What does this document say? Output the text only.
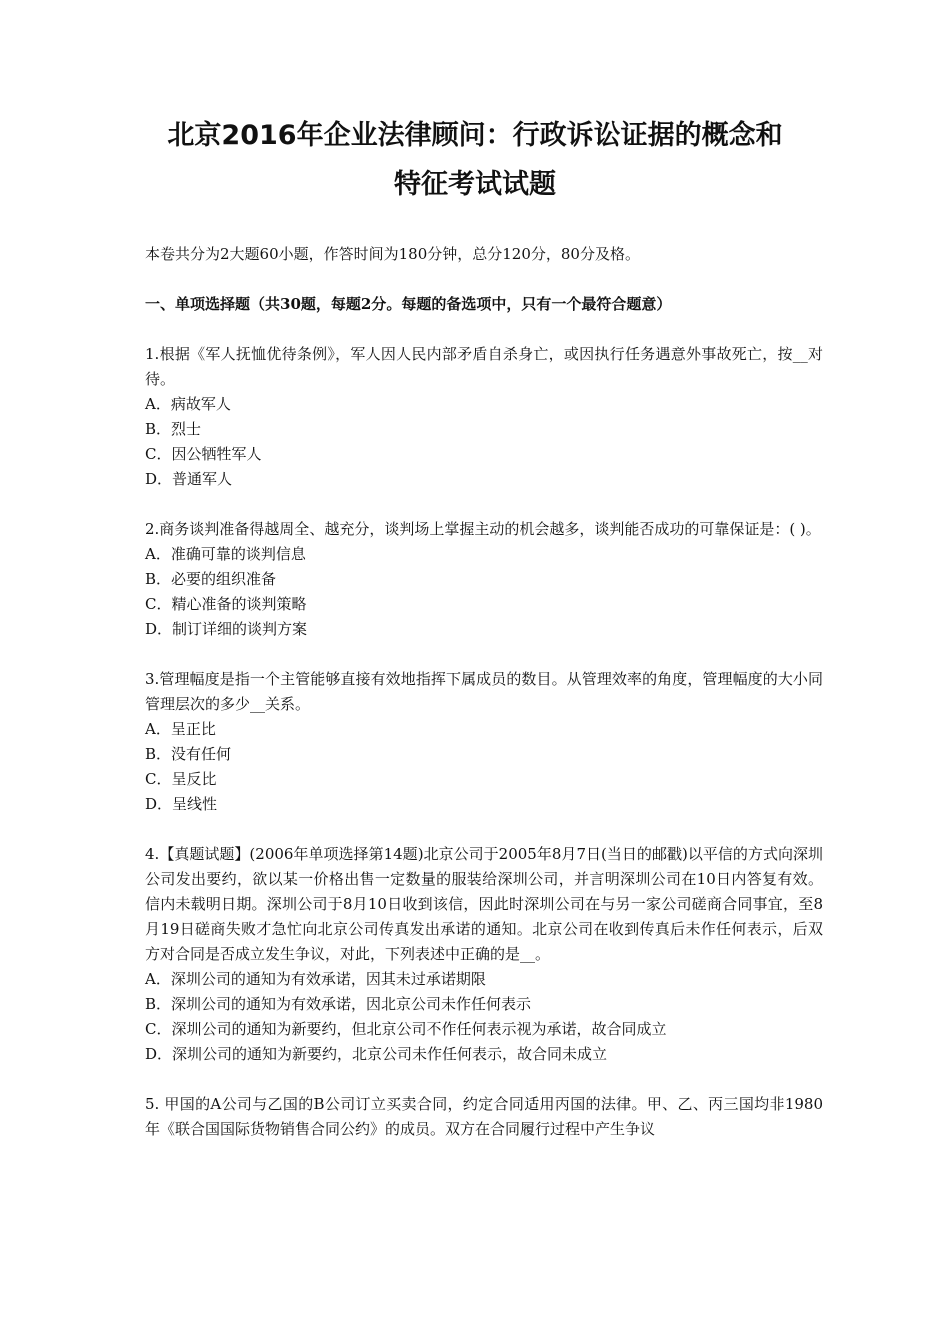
北京2016年企业法律顾问：行政诉讼证据的概念和
特征考试试题

本卷共分为2大题60小题，作答时间为180分钟，总分120分，80分及格。

一、单项选择题（共30题，每题2分。每题的备选项中，只有一个最符合题意）

1.根据《军人抚恤优待条例》，军人因人民内部矛盾自杀身亡，或因执行任务遇意外事故死亡，按__对待。

A．病故军人

B．烈士

C．因公牺牲军人

D．普通军人

2.商务谈判准备得越周全、越充分，谈判场上掌握主动的机会越多，谈判能否成功的可靠保证是：( )。

A．准确可靠的谈判信息

B．必要的组织准备

C．精心准备的谈判策略

D．制订详细的谈判方案

3.管理幅度是指一个主管能够直接有效地指挥下属成员的数目。从管理效率的角度，管理幅度的大小同管理层次的多少__关系。

A．呈正比

B．没有任何

C．呈反比

D．呈线性

4.【真题试题】(2006年单项选择第14题)北京公司于2005年8月7日(当日的邮戳)以平信的方式向深圳公司发出要约，欲以某一价格出售一定数量的服装给深圳公司，并言明深圳公司在10日内答复有效。信内未载明日期。深圳公司于8月10日收到该信，因此时深圳公司在与另一家公司磋商合同事宜，至8月19日磋商失败才急忙向北京公司传真发出承诺的通知。北京公司在收到传真后未作任何表示，后双方对合同是否成立发生争议，对此，下列表述中正确的是__。

A．深圳公司的通知为有效承诺，因其未过承诺期限

B．深圳公司的通知为有效承诺，因北京公司未作任何表示

C．深圳公司的通知为新要约，但北京公司不作任何表示视为承诺，故合同成立

D．深圳公司的通知为新要约，北京公司未作任何表示，故合同未成立

5. 甲国的A公司与乙国的B公司订立买卖合同，约定合同适用丙国的法律。甲、乙、丙三国均非1980年《联合国国际货物销售合同公约》的成员。双方在合同履行过程中产生争议
